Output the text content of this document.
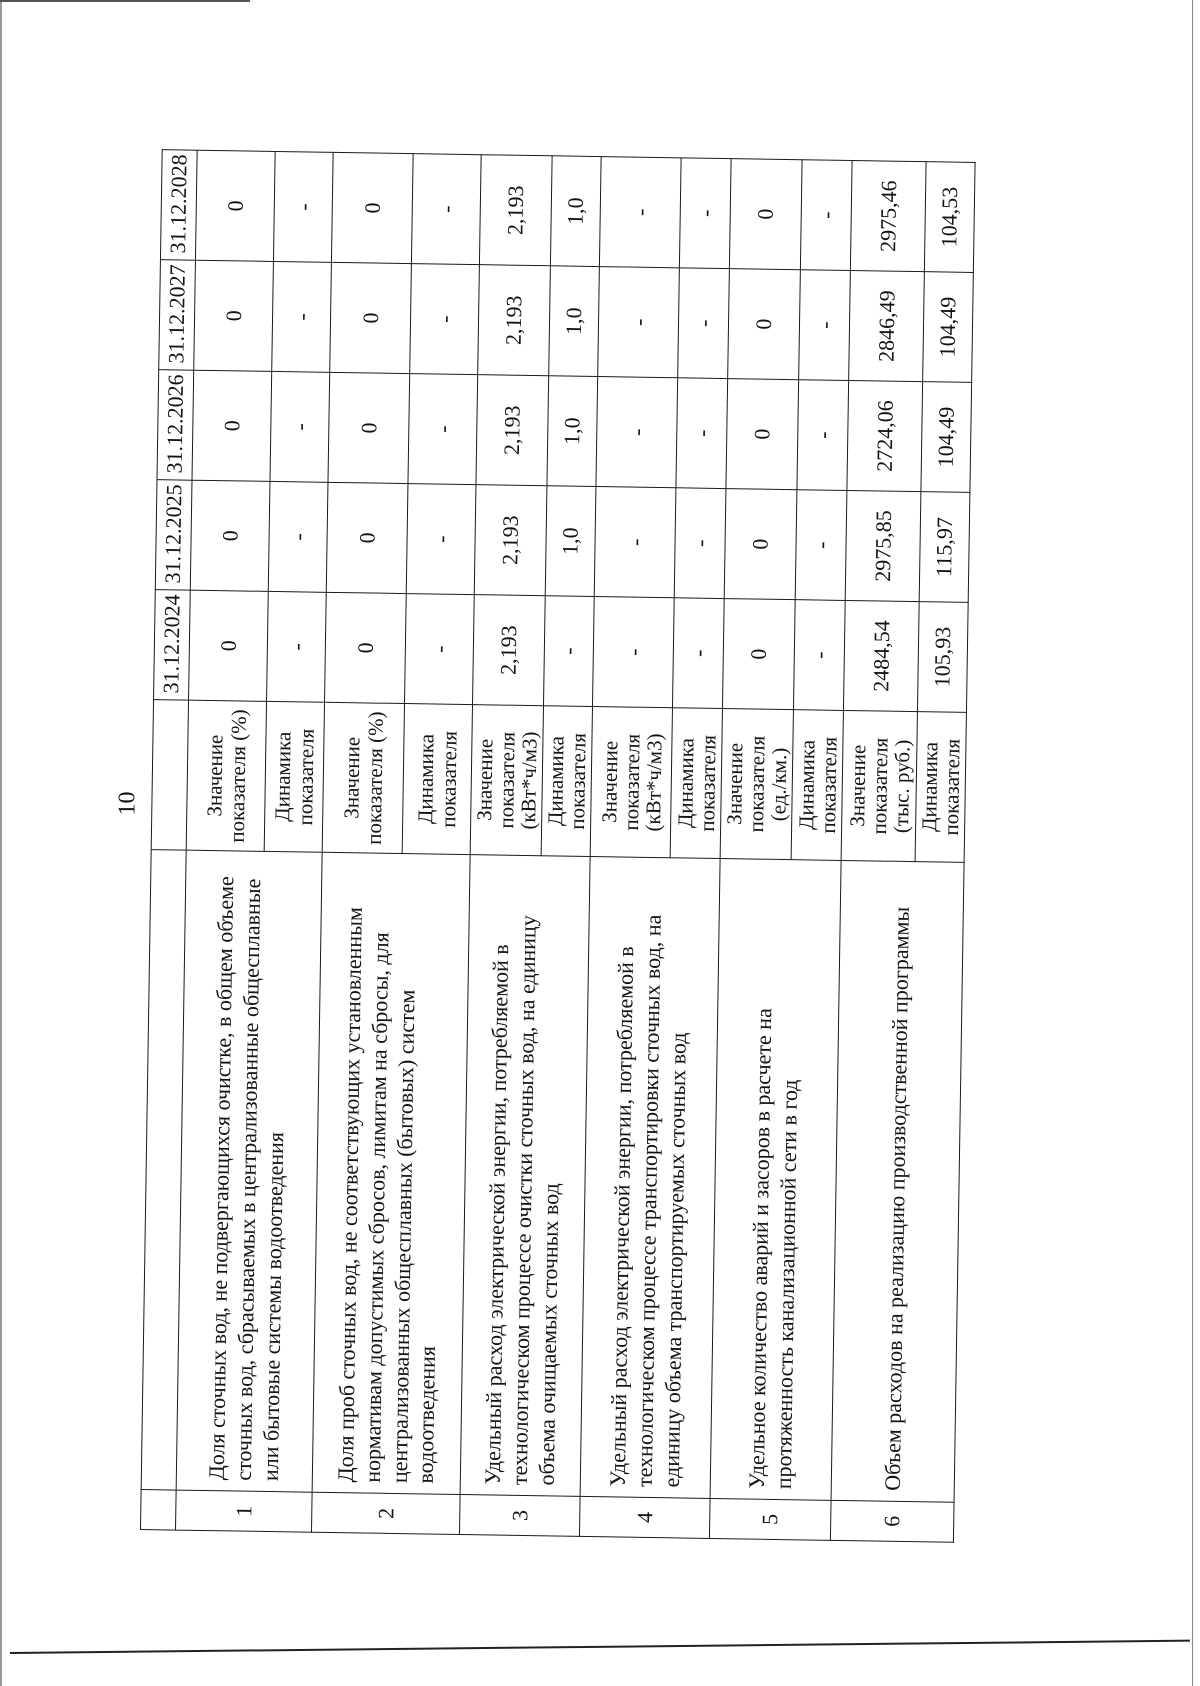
10
			31.12.2024	31.12.2025	31.12.2026	31.12.2027	31.12.2028
1	Доля сточных вод, не подвергающихся очистке, в общем объеме сточных вод, сбрасываемых в централизованные общесплавные или бытовые системы водоотведения	Значение показателя (%)	0	0	0	0	0
		Динамика показателя	-	-	-	-	-
2	Доля проб сточных вод, не соответствующих установленным нормативам допустимых сбросов, лимитам на сбросы, для централизованных общесплавных (бытовых) систем водоотведения	Значение показателя (%)	0	0	0	0	0
		Динамика показателя	-	-	-	-	-
3	Удельный расход электрической энергии, потребляемой в технологическом процессе очистки сточных вод, на единицу объема очищаемых сточных вод	Значение показателя (кВт*ч/м3)	2,193	2,193	2,193	2,193	2,193
		Динамика показателя	-	1,0	1,0	1,0	1,0
4	Удельный расход электрической энергии, потребляемой в технологическом процессе транспортировки сточных вод, на единицу объема транспортируемых сточных вод	Значение показателя (кВт*ч/м3)	-	-	-	-	-
		Динамика показателя	-	-	-	-	-
5	Удельное количество аварий и засоров в расчете на протяженность канализационной сети в год	Значение показателя (ед./км.)	0	0	0	0	0
		Динамика показателя	-	-	-	-	-
6	Объем расходов на реализацию производственной программы	Значение показателя (тыс. руб.)	2484,54	2975,85	2724,06	2846,49	2975,46
		Динамика показателя	105,93	115,97	104,49	104,49	104,53
